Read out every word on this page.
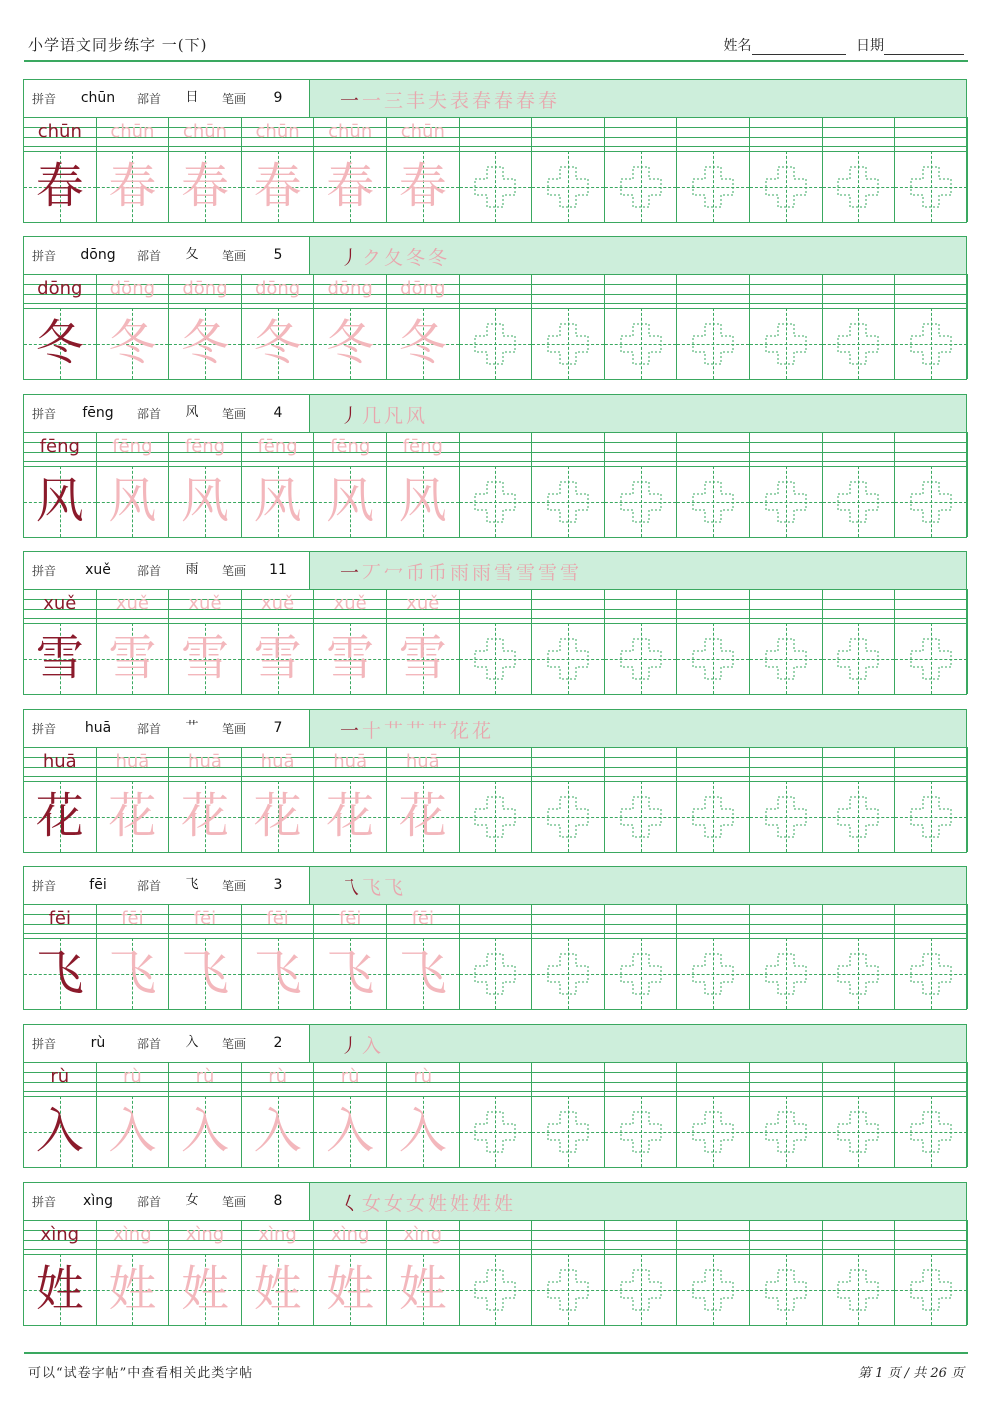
小学语文同步练字 一(下)	姓名	日期
拼音	chūn	部首	日	笔画	9	一一三丰夫表春春春春
chūn	chūn	chūn	chūn	chūn	chūn
春 春 春 春 春 春
拼音	dōng	部首	夂	笔画	5	丿ク夂冬冬
dōng	dōng	dōng	dōng	dōng	dōng
冬 冬 冬 冬 冬 冬
拼音	fēng	部首	风	笔画	4	丿几凡风
fēng	fēng	fēng	fēng	fēng	fēng
风 风 风 风 风 风
拼音	xuě	部首	雨	笔画	11	一丆冖币币雨雨雪雪雪雪
xuě	xuě	xuě	xuě	xuě	xuě
雪 雪 雪 雪 雪 雪
拼音	huā	部首	艹	笔画	7	一十艹艹艹花花
huā	huā	huā	huā	huā	huā
花 花 花 花 花 花
拼音	fēi	部首	飞	笔画	3	乁飞飞
fēi	fēi	fēi	fēi	fēi	fēi
飞 飞 飞 飞 飞 飞
拼音	rù	部首	入	笔画	2	丿入
rù	rù	rù	rù	rù	rù
入 入 入 入 入 入
拼音	xìng	部首	女	笔画	8	𡿨女女女姓姓姓姓
xìng	xìng	xìng	xìng	xìng	xìng
姓 姓 姓 姓 姓 姓
可以“试卷字帖”中查看相关此类字帖	第 1 页 / 共 26 页
